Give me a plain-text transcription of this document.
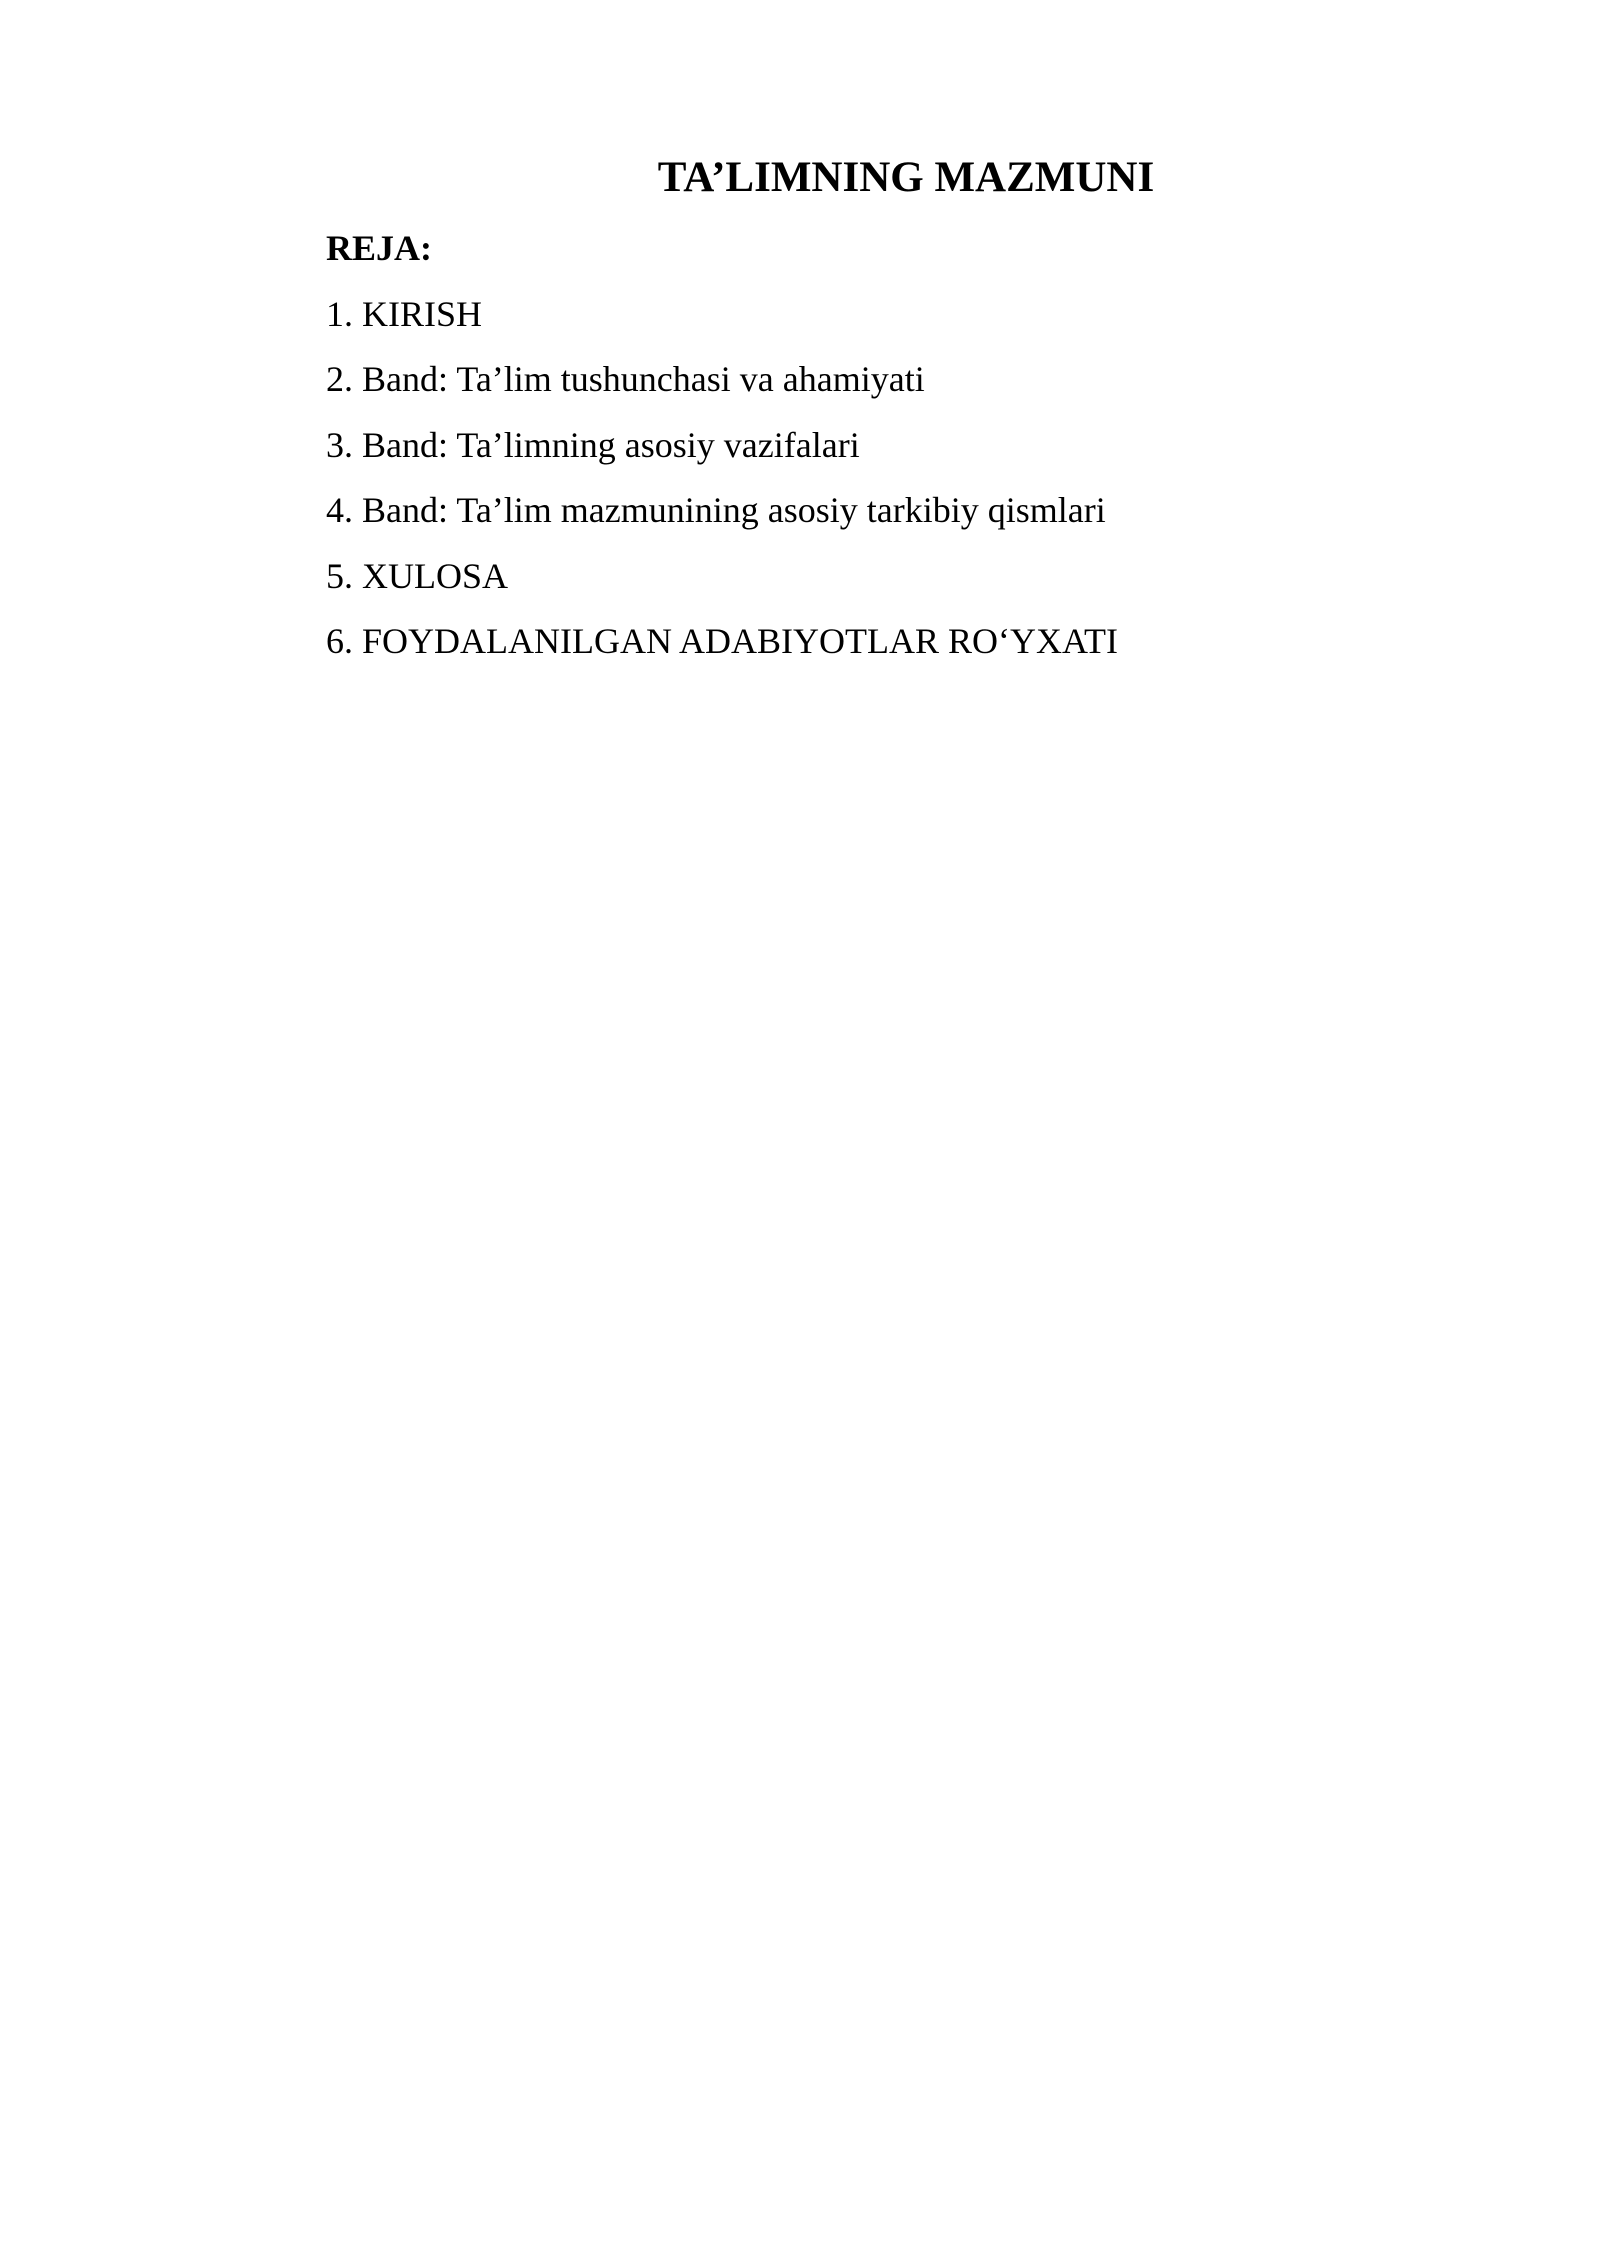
TA’LIMNING MAZMUNI
REJA:
1. KIRISH
2. Band: Ta’lim tushunchasi va ahamiyati
3. Band: Ta’limning asosiy vazifalari
4. Band: Ta’lim mazmunining asosiy tarkibiy qismlari
5. XULOSA
6. FOYDALANILGAN ADABIYOTLAR RO‘YXATI
